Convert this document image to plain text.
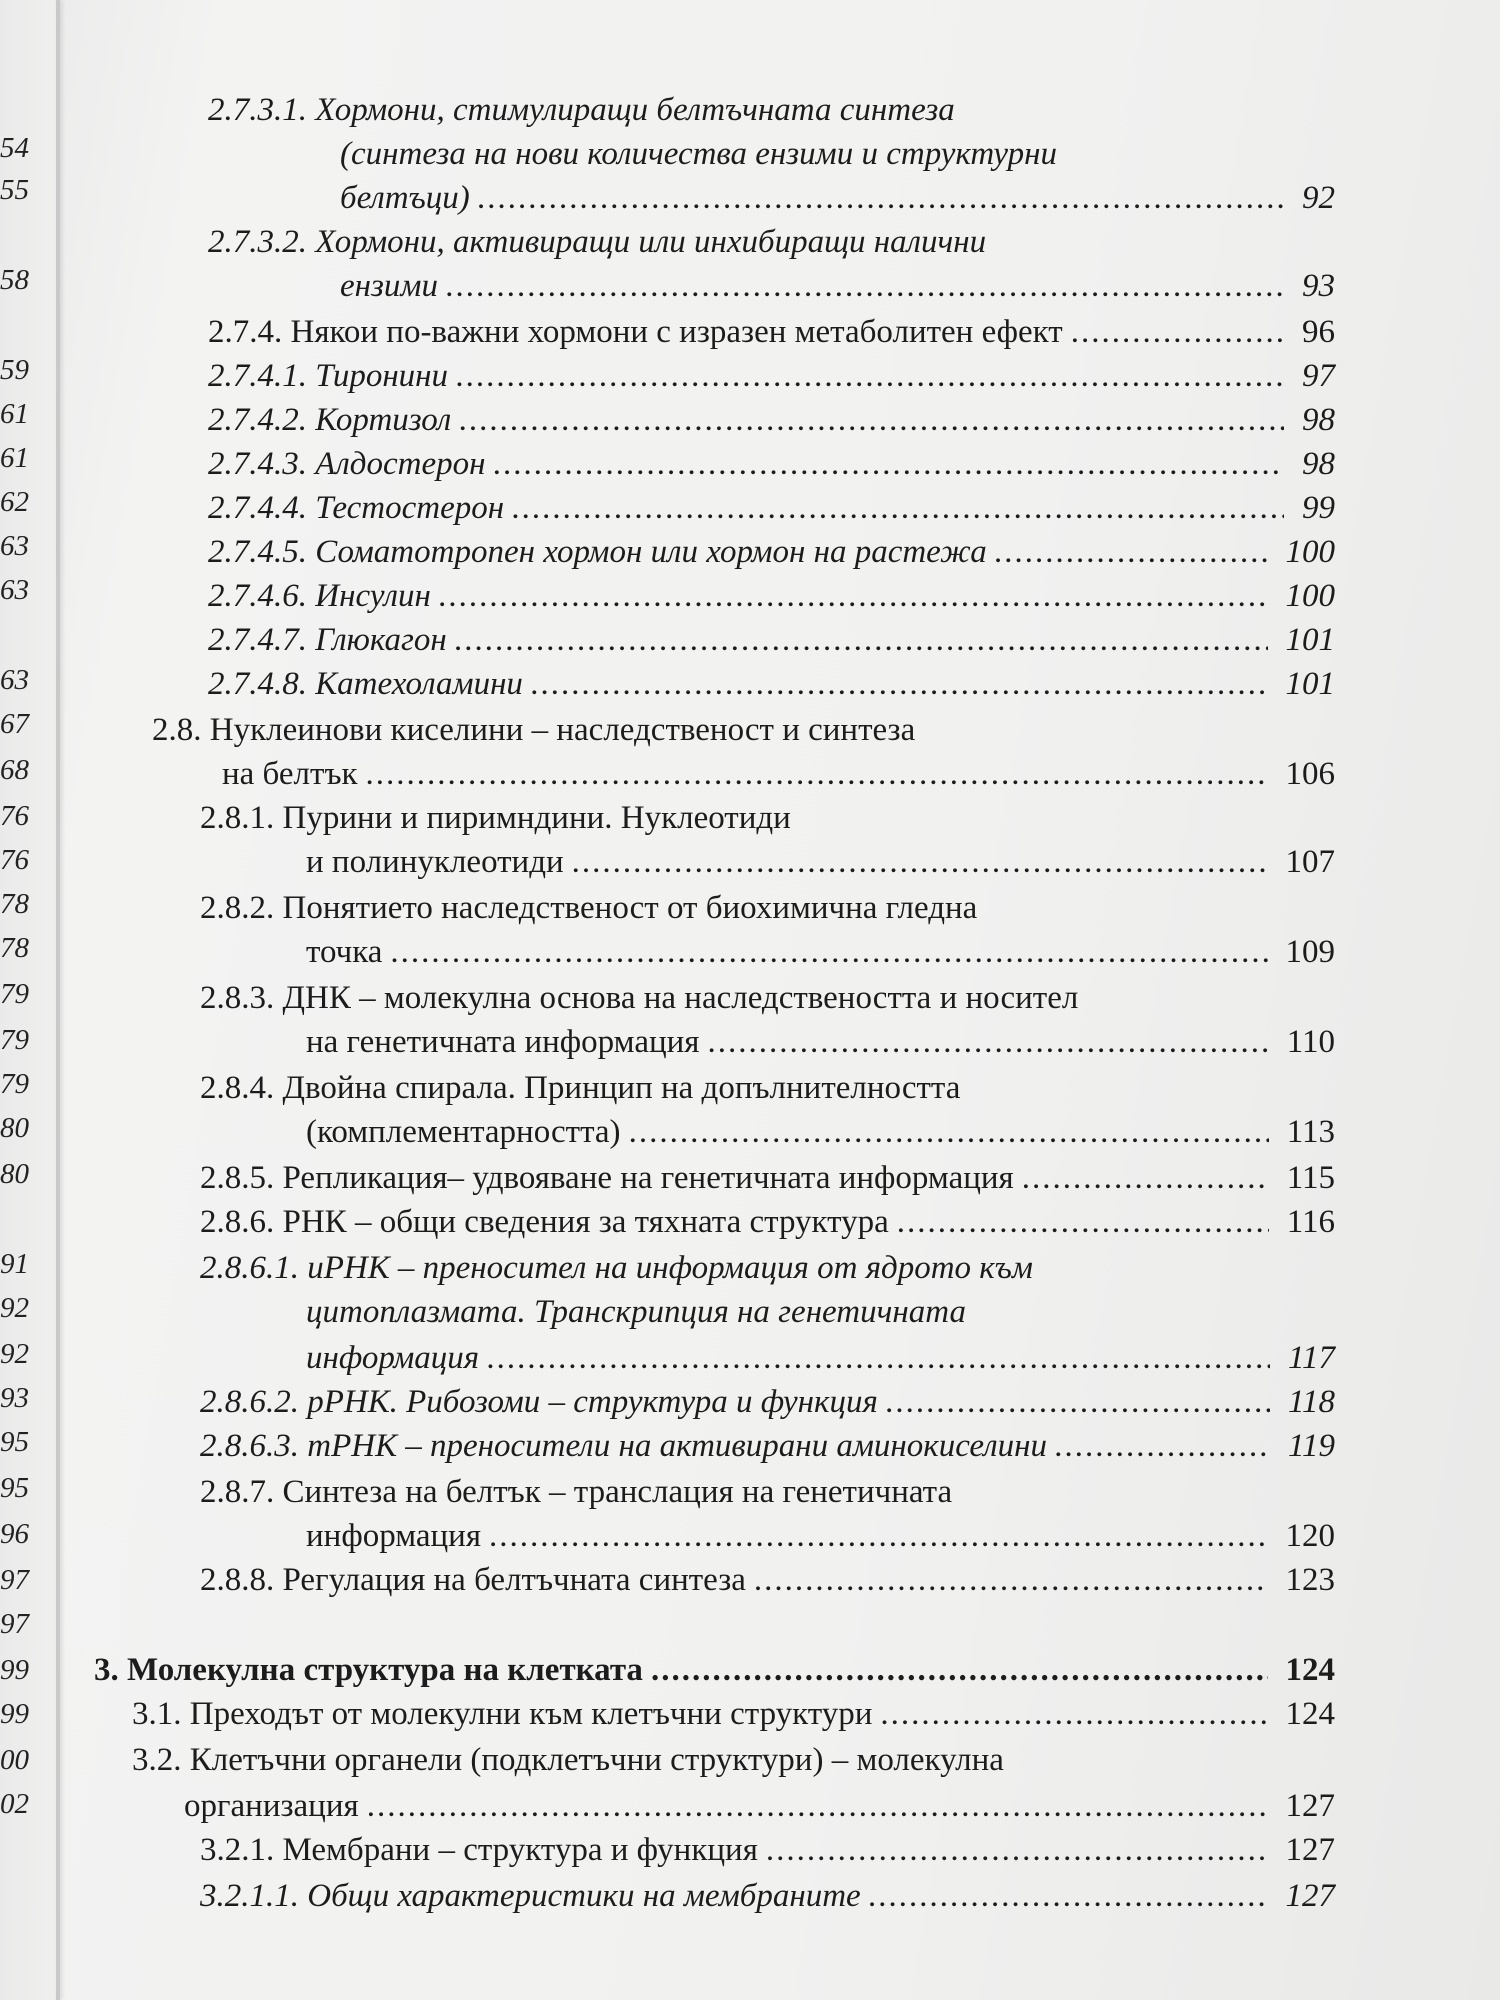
54
55
58
59
61
61
62
63
63
63
67
68
76
76
78
78
79
79
79
80
80
91
92
92
93
95
95
96
97
97
99
99
00
02
2.7.3.1. Хормони, стимулиращи белтъчната синтеза
(синтеза на нови количества ензими и структурни
белтъци) .....	92
2.7.3.2. Хормони, активиращи или инхибиращи налични
ензими .....	93
2.7.4. Някои по-важни хормони с изразен метаболитен ефект .....	96
2.7.4.1. Тиронини .....	97
2.7.4.2. Кортизол .....	98
2.7.4.3. Алдостерон .....	98
2.7.4.4. Тестостерон .....	99
2.7.4.5. Соматотропен хормон или хормон на растежа .....	100
2.7.4.6. Инсулин .....	100
2.7.4.7. Глюкагон .....	101
2.7.4.8. Катехоламини .....	101
2.8. Нуклеинови киселини – наследственост и синтеза
на белтък .....	106
2.8.1. Пурини и пиримндини. Нуклеотиди
и полинуклеотиди .....	107
2.8.2. Понятието наследственост от биохимична гледна
точка .....	109
2.8.3. ДНК – молекулна основа на наследствеността и носител
на генетичната информация .....	110
2.8.4. Двойна спирала. Принцип на допълнителността
(комплементарността) .....	113
2.8.5. Репликация– удвояване на генетичната информация .....	115
2.8.6. РНК – общи сведения за тяхната структура .....	116
2.8.6.1. иРНК – преносител на информация от ядрото към
цитоплазмата. Транскрипция на генетичната
информация .....	117
2.8.6.2. рРНК. Рибозоми – структура и функция .....	118
2.8.6.3. тРНК – преносители на активирани аминокиселини .....	119
2.8.7. Синтеза на белтък – транслация на генетичната
информация .....	120
2.8.8. Регулация на белтъчната синтеза .....	123
3. Молекулна структура на клетката .....	124
3.1. Преходът от молекулни към клетъчни структури .....	124
3.2. Клетъчни органели (подклетъчни структури) – молекулна
организация .....	127
3.2.1. Мембрани – структура и функция .....	127
3.2.1.1. Общи характеристики на мембраните .....	127
